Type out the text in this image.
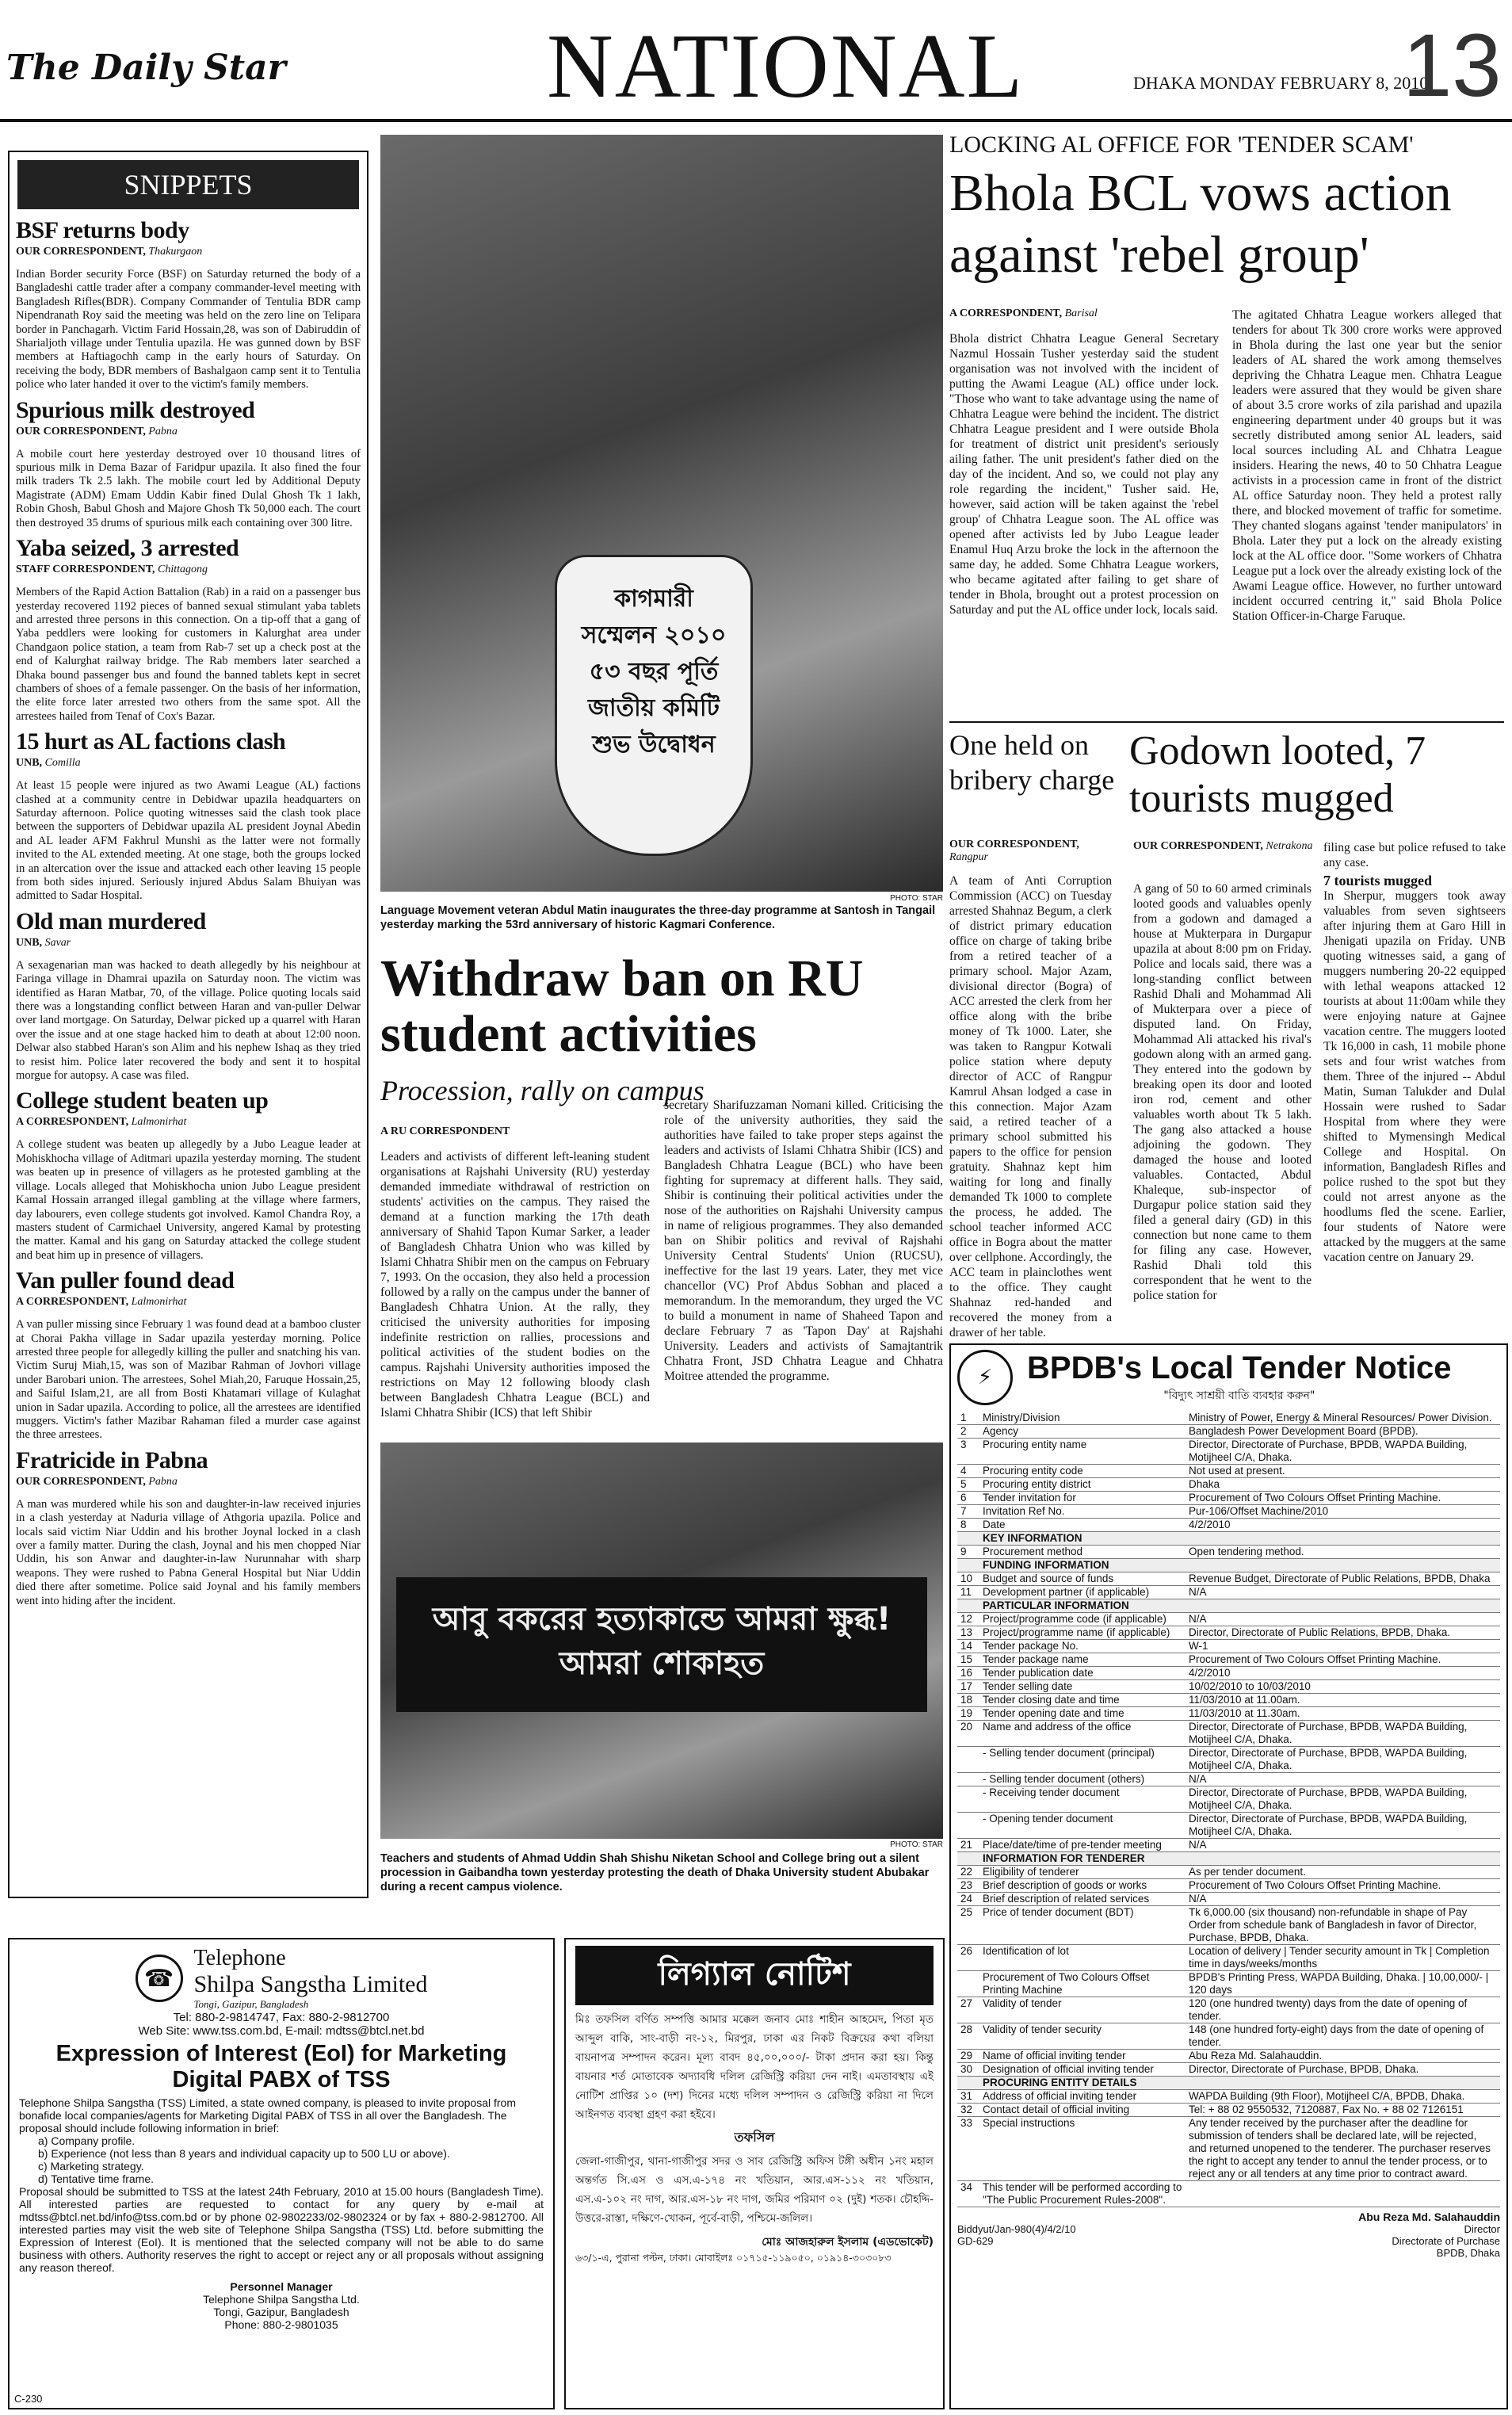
The Daily Star	NATIONAL	DHAKA MONDAY FEBRUARY 8, 2010
13
SNIPPETS
BSF returns body
OUR CORRESPONDENT, Thakurgaon
Indian Border security Force (BSF) on Saturday returned the body of a Bangladeshi cattle trader after a company commander-level meeting with Bangladesh Rifles(BDR). Company Commander of Tentulia BDR camp Nipendranath Roy said the meeting was held on the zero line on Telipara border in Panchagarh. Victim Farid Hossain,28, was son of Dabiruddin of Sharialjoth village under Tentulia upazila. He was gunned down by BSF members at Haftiagochh camp in the early hours of Saturday. On receiving the body, BDR members of Bashalgaon camp sent it to Tentulia police who later handed it over to the victim's family members.
Spurious milk destroyed
OUR CORRESPONDENT, Pabna
A mobile court here yesterday destroyed over 10 thousand litres of spurious milk in Dema Bazar of Faridpur upazila. It also fined the four milk traders Tk 2.5 lakh. The mobile court led by Additional Deputy Magistrate (ADM) Emam Uddin Kabir fined Dulal Ghosh Tk 1 lakh, Robin Ghosh, Babul Ghosh and Majore Ghosh Tk 50,000 each. The court then destroyed 35 drums of spurious milk each containing over 300 litre.
Yaba seized, 3 arrested
STAFF CORRESPONDENT, Chittagong
Members of the Rapid Action Battalion (Rab) in a raid on a passenger bus yesterday recovered 1192 pieces of banned sexual stimulant yaba tablets and arrested three persons in this connection. On a tip-off that a gang of Yaba peddlers were looking for customers in Kalurghat area under Chandgaon police station, a team from Rab-7 set up a check post at the end of Kalurghat railway bridge. The Rab members later searched a Dhaka bound passenger bus and found the banned tablets kept in secret chambers of shoes of a female passenger. On the basis of her information, the elite force later arrested two others from the same spot. All the arrestees hailed from Tenaf of Cox's Bazar.
15 hurt as AL factions clash
UNB, Comilla
At least 15 people were injured as two Awami League (AL) factions clashed at a community centre in Debidwar upazila headquarters on Saturday afternoon. Police quoting witnesses said the clash took place between the supporters of Debidwar upazila AL president Joynal Abedin and AL leader AFM Fakhrul Munshi as the latter were not formally invited to the AL extended meeting. At one stage, both the groups locked in an altercation over the issue and attacked each other leaving 15 people from both sides injured. Seriously injured Abdus Salam Bhuiyan was admitted to Sadar Hospital.
Old man murdered
UNB, Savar
A sexagenarian man was hacked to death allegedly by his neighbour at Faringa village in Dhamrai upazila on Saturday noon. The victim was identified as Haran Matbar, 70, of the village. Police quoting locals said there was a longstanding conflict between Haran and van-puller Delwar over land mortgage. On Saturday, Delwar picked up a quarrel with Haran over the issue and at one stage hacked him to death at about 12:00 noon. Delwar also stabbed Haran's son Alim and his nephew Ishaq as they tried to resist him. Police later recovered the body and sent it to hospital morgue for autopsy. A case was filed.
College student beaten up
A CORRESPONDENT, Lalmonirhat
A college student was beaten up allegedly by a Jubo League leader at Mohiskhocha village of Aditmari upazila yesterday morning. The student was beaten up in presence of villagers as he protested gambling at the village. Locals alleged that Mohiskhocha union Jubo League president Kamal Hossain arranged illegal gambling at the village where farmers, day labourers, even college students got involved. Kamol Chandra Roy, a masters student of Carmichael University, angered Kamal by protesting the matter. Kamal and his gang on Saturday attacked the college student and beat him up in presence of villagers.
Van puller found dead
A CORRESPONDENT, Lalmonirhat
A van puller missing since February 1 was found dead at a bamboo cluster at Chorai Pakha village in Sadar upazila yesterday morning. Police arrested three people for allegedly killing the puller and snatching his van. Victim Suruj Miah,15, was son of Mazibar Rahman of Jovhori village under Barobari union. The arrestees, Sohel Miah,20, Faruque Hossain,25, and Saiful Islam,21, are all from Bosti Khatamari village of Kulaghat union in Sadar upazila. According to police, all the arrestees are identified muggers. Victim's father Mazibar Rahaman filed a murder case against the three arrestees.
Fratricide in Pabna
OUR CORRESPONDENT, Pabna
A man was murdered while his son and daughter-in-law received injuries in a clash yesterday at Naduria village of Athgoria upazila. Police and locals said victim Niar Uddin and his brother Joynal locked in a clash over a family matter. During the clash, Joynal and his men chopped Niar Uddin, his son Anwar and daughter-in-law Nurunnahar with sharp weapons. They were rushed to Pabna General Hospital but Niar Uddin died there after sometime. Police said Joynal and his family members went into hiding after the incident.
কাগমারী সম্মেলন ২০১০ ৫৩ বছর পূর্তি জাতীয় কমিটি শুভ উদ্বোধন
PHOTO: STAR
Language Movement veteran Abdul Matin inaugurates the three-day programme at Santosh in Tangail yesterday marking the 53rd anniversary of historic Kagmari Conference.
Withdraw ban on RU student activities
Procession, rally on campus
A RU CORRESPONDENT
Leaders and activists of different left-leaning student organisations at Rajshahi University (RU) yesterday demanded immediate withdrawal of restriction on students' activities on the campus. They raised the demand at a function marking the 17th death anniversary of Shahid Tapon Kumar Sarker, a leader of Bangladesh Chhatra Union who was killed by Islami Chhatra Shibir men on the campus on February 7, 1993. On the occasion, they also held a procession followed by a rally on the campus under the banner of Bangladesh Chhatra Union. At the rally, they criticised the university authorities for imposing indefinite restriction on rallies, processions and political activities of the student bodies on the campus. Rajshahi University authorities imposed the restrictions on May 12 following bloody clash between Bangladesh Chhatra League (BCL) and Islami Chhatra Shibir (ICS) that left Shibir
secretary Sharifuzzaman Nomani killed. Criticising the role of the university authorities, they said the authorities have failed to take proper steps against the leaders and activists of Islami Chhatra Shibir (ICS) and Bangladesh Chhatra League (BCL) who have been fighting for supremacy at different halls. They said, Shibir is continuing their political activities under the nose of the authorities on Rajshahi University campus in name of religious programmes. They also demanded ban on Shibir politics and revival of Rajshahi University Central Students' Union (RUCSU), ineffective for the last 19 years. Later, they met vice chancellor (VC) Prof Abdus Sobhan and placed a memorandum. In the memorandum, they urged the VC to build a monument in name of Shaheed Tapon and declare February 7 as 'Tapon Day' at Rajshahi University. Leaders and activists of Samajtantrik Chhatra Front, JSD Chhatra League and Chhatra Moitree attended the programme.
আবু বকরের হত্যাকান্ডে আমরা ক্ষুব্ধ! আমরা শোকাহত
PHOTO: STAR
Teachers and students of Ahmad Uddin Shah Shishu Niketan School and College bring out a silent procession in Gaibandha town yesterday protesting the death of Dhaka University student Abubakar during a recent campus violence.
LOCKING AL OFFICE FOR 'TENDER SCAM'
Bhola BCL vows action against 'rebel group'
A CORRESPONDENT, Barisal
Bhola district Chhatra League General Secretary Nazmul Hossain Tusher yesterday said the student organisation was not involved with the incident of putting the Awami League (AL) office under lock. "Those who want to take advantage using the name of Chhatra League were behind the incident. The district Chhatra League president and I were outside Bhola for treatment of district unit president's seriously ailing father. The unit president's father died on the day of the incident. And so, we could not play any role regarding the incident," Tusher said. He, however, said action will be taken against the 'rebel group' of Chhatra League soon. The AL office was opened after activists led by Jubo League leader Enamul Huq Arzu broke the lock in the afternoon the same day, he added. Some Chhatra League workers, who became agitated after failing to get share of tender in Bhola, brought out a protest procession on Saturday and put the AL office under lock, locals said.
The agitated Chhatra League workers alleged that tenders for about Tk 300 crore works were approved in Bhola during the last one year but the senior leaders of AL shared the work among themselves depriving the Chhatra League men. Chhatra League leaders were assured that they would be given share of about 3.5 crore works of zila parishad and upazila engineering department under 40 groups but it was secretly distributed among senior AL leaders, said local sources including AL and Chhatra League insiders. Hearing the news, 40 to 50 Chhatra League activists in a procession came in front of the district AL office Saturday noon. They held a protest rally there, and blocked movement of traffic for sometime. They chanted slogans against 'tender manipulators' in Bhola. Later they put a lock on the already existing lock at the AL office door. "Some workers of Chhatra League put a lock over the already existing lock of the Awami League office. However, no further untoward incident occurred centring it," said Bhola Police Station Officer-in-Charge Faruque.
One held on bribery charge
OUR CORRESPONDENT, Rangpur
A team of Anti Corruption Commission (ACC) on Tuesday arrested Shahnaz Begum, a clerk of district primary education office on charge of taking bribe from a retired teacher of a primary school. Major Azam, divisional director (Bogra) of ACC arrested the clerk from her office along with the bribe money of Tk 1000. Later, she was taken to Rangpur Kotwali police station where deputy director of ACC of Rangpur Kamrul Ahsan lodged a case in this connection. Major Azam said, a retired teacher of a primary school submitted his papers to the office for pension gratuity. Shahnaz kept him waiting for long and finally demanded Tk 1000 to complete the process, he added. The school teacher informed ACC office in Bogra about the matter over cellphone. Accordingly, the ACC team in plainclothes went to the office. They caught Shahnaz red-handed and recovered the money from a drawer of her table.
Godown looted, 7 tourists mugged
OUR CORRESPONDENT, Netrakona
A gang of 50 to 60 armed criminals looted goods and valuables openly from a godown and damaged a house at Mukterpara in Durgapur upazila at about 8:00 pm on Friday. Police and locals said, there was a long-standing conflict between Rashid Dhali and Mohammad Ali of Mukterpara over a piece of disputed land. On Friday, Mohammad Ali attacked his rival's godown along with an armed gang. They entered into the godown by breaking open its door and looted iron rod, cement and other valuables worth about Tk 5 lakh. The gang also attacked a house adjoining the godown. They damaged the house and looted valuables. Contacted, Abdul Khaleque, sub-inspector of Durgapur police station said they filed a general dairy (GD) in this connection but none came to them for filing any case. However, Rashid Dhali told this correspondent that he went to the police station for
filing case but police refused to take any case.
7 tourists mugged
In Sherpur, muggers took away valuables from seven sightseers after injuring them at Garo Hill in Jhenigati upazila on Friday. UNB quoting witnesses said, a gang of muggers numbering 20-22 equipped with lethal weapons attacked 12 tourists at about 11:00am while they were enjoying nature at Gajnee vacation centre. The muggers looted Tk 16,000 in cash, 11 mobile phone sets and four wrist watches from them. Three of the injured -- Abdul Matin, Suman Talukder and Dulal Hossain were rushed to Sadar Hospital from where they were shifted to Mymensingh Medical College and Hospital. On information, Bangladesh Rifles and police rushed to the spot but they could not arrest anyone as the hoodlums fled the scene. Earlier, four students of Natore were attacked by the muggers at the same vacation centre on January 29.
⚡	BPDB's Local Tender Notice
"বিদ্যুৎ সাশ্রয়ী বাতি ব্যবহার করুন"
1	Ministry/Division	Ministry of Power, Energy & Mineral Resources/ Power Division.
2	Agency	Bangladesh Power Development Board (BPDB).
3	Procuring entity name	Director, Directorate of Purchase, BPDB, WAPDA Building, Motijheel C/A, Dhaka.
4	Procuring entity code	Not used at present.
5	Procuring entity district	Dhaka
6	Tender invitation for	Procurement of Two Colours Offset Printing Machine.
7	Invitation Ref No.	Pur-106/Offset Machine/2010
8	Date	4/2/2010
	KEY INFORMATION	
9	Procurement method	Open tendering method.
	FUNDING INFORMATION	
10	Budget and source of funds	Revenue Budget, Directorate of Public Relations, BPDB, Dhaka
11	Development partner (if applicable)	N/A
	PARTICULAR INFORMATION	
12	Project/programme code (if applicable)	N/A
13	Project/programme name (if applicable)	Director, Directorate of Public Relations, BPDB, Dhaka.
14	Tender package No.	W-1
15	Tender package name	Procurement of Two Colours Offset Printing Machine.
16	Tender publication date	4/2/2010
17	Tender selling date	10/02/2010 to 10/03/2010
18	Tender closing date and time	11/03/2010 at 11.00am.
19	Tender opening date and time	11/03/2010 at 11.30am.
20	Name and address of the office	Director, Directorate of Purchase, BPDB, WAPDA Building, Motijheel C/A, Dhaka.
	- Selling tender document (principal)	Director, Directorate of Purchase, BPDB, WAPDA Building, Motijheel C/A, Dhaka.
	- Selling tender document (others)	N/A
	- Receiving tender document	Director, Directorate of Purchase, BPDB, WAPDA Building, Motijheel C/A, Dhaka.
	- Opening tender document	Director, Directorate of Purchase, BPDB, WAPDA Building, Motijheel C/A, Dhaka.
21	Place/date/time of pre-tender meeting	N/A
	INFORMATION FOR TENDERER	
22	Eligibility of tenderer	As per tender document.
23	Brief description of goods or works	Procurement of Two Colours Offset Printing Machine.
24	Brief description of related services	N/A
25	Price of tender document (BDT)	Tk 6,000.00 (six thousand) non-refundable in shape of Pay Order from schedule bank of Bangladesh in favor of Director, Purchase, BPDB, Dhaka.
26	Identification of lot	Location of delivery | Tender security amount in Tk | Completion time in days/weeks/months
	Procurement of Two Colours Offset Printing Machine	BPDB's Printing Press, WAPDA Building, Dhaka. | 10,00,000/- | 120 days
27	Validity of tender	120 (one hundred twenty) days from the date of opening of tender.
28	Validity of tender security	148 (one hundred forty-eight) days from the date of opening of tender.
29	Name of official inviting tender	Abu Reza Md. Salahauddin.
30	Designation of official inviting tender	Director, Directorate of Purchase, BPDB, Dhaka.
	PROCURING ENTITY DETAILS	
31	Address of official inviting tender	WAPDA Building (9th Floor), Motijheel C/A, BPDB, Dhaka.
32	Contact detail of official inviting	Tel: + 88 02 9550532, 7120887, Fax No. + 88 02 7126151
33	Special instructions	Any tender received by the purchaser after the deadline for submission of tenders shall be declared late, will be rejected, and returned unopened to the tenderer. The purchaser reserves the right to accept any tender to annul the tender process, or to reject any or all tenders at any time prior to contract award.
34	This tender will be performed according to "The Public Procurement Rules-2008".	
Abu Reza Md. Salahauddin
Biddyut/Jan-980(4)/4/2/10
GD-629
Director
Directorate of Purchase
BPDB, Dhaka
☎
Telephone
Shilpa Sangstha Limited
Tongi, Gazipur, Bangladesh
Tel: 880-2-9814747, Fax: 880-2-9812700
Web Site: www.tss.com.bd, E-mail: mdtss@btcl.net.bd
Expression of Interest (EoI) for Marketing
Digital PABX of TSS
Telephone Shilpa Sangstha (TSS) Limited, a state owned company, is pleased to invite proposal from bonafide local companies/agents for Marketing Digital PABX of TSS in all over the Bangladesh. The proposal should include following information in brief:
a) Company profile.
b) Experience (not less than 8 years and individual capacity up to 500 LU or above).
c) Marketing strategy.
d) Tentative time frame.
Proposal should be submitted to TSS at the latest 24th February, 2010 at 15.00 hours (Bangladesh Time). All interested parties are requested to contact for any query by e-mail at mdtss@btcl.net.bd/info@tss.com.bd or by phone 02-9802233/02-9802324 or by fax + 880-2-9812700. All interested parties may visit the web site of Telephone Shilpa Sangstha (TSS) Ltd. before submitting the Expression of Interest (EoI). It is mentioned that the selected company will not be able to do same business with others. Authority reserves the right to accept or reject any or all proposals without assigning any reason thereof.
Personnel Manager
Telephone Shilpa Sangstha Ltd.
Tongi, Gazipur, Bangladesh
Phone: 880-2-9801035
C-230
লিগ্যাল নোটিশ
মিঃ তফসিল বর্ণিত সম্পত্তি আমার মক্কেল জনাব মোঃ শাহীন আহমেদ, পিতা মৃত আব্দুল বাকি, সাং-বাড়ী নং-১২, মিরপুর, ঢাকা এর নিকট বিক্রয়ের কথা বলিয়া বায়নাপত্র সম্পাদন করেন। মূল্য বাবদ ৪৫,০০,০০০/- টাকা প্রদান করা হয়। কিন্তু বায়নার শর্ত মোতাবেক অদ্যাবধি দলিল রেজিস্ট্রি করিয়া দেন নাই। এমতাবস্থায় এই নোটিশ প্রাপ্তির ১০ (দশ) দিনের মধ্যে দলিল সম্পাদন ও রেজিস্ট্রি করিয়া না দিলে আইনগত ব্যবস্থা গ্রহণ করা হইবে।
তফসিল
জেলা-গাজীপুর, থানা-গাজীপুর সদর ও সাব রেজিস্ট্রি অফিস টঙ্গী অধীন ১নং মহাল অন্তর্গত সি.এস ও এস.এ-১৭৪ নং খতিয়ান, আর.এস-১১২ নং খতিয়ান, এস.এ-১০২ নং দাগ, আর.এস-১৮ নং দাগ, জমির পরিমাণ ০২ (দুই) শতক। চৌহদ্দি-উত্তরে-রাস্তা, দক্ষিণে-খোকন, পূর্বে-বাড়ী, পশ্চিমে-জলিল।
মোঃ আজহারুল ইসলাম (এডভোকেট)
৬৩/১-এ, পুরানা পল্টন, ঢাকা। মোবাইলঃ ০১৭১৫-১১৯০৫০, ০১৯১৪-৩০৩০৮৩
